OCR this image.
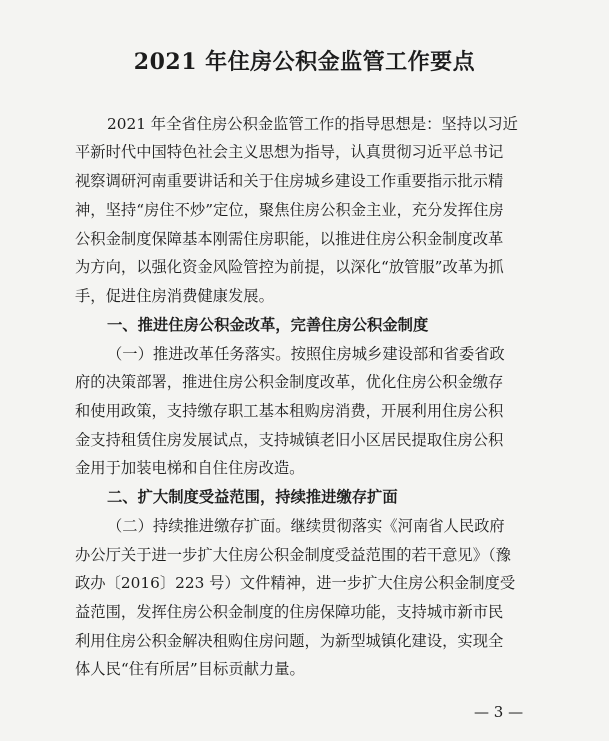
2021 年住房公积金监管工作要点
2021 年全省住房公积金监管工作的指导思想是：坚持以习近
平新时代中国特色社会主义思想为指导，认真贯彻习近平总书记
视察调研河南重要讲话和关于住房城乡建设工作重要指示批示精
神，坚持“房住不炒”定位，聚焦住房公积金主业，充分发挥住房
公积金制度保障基本刚需住房职能，以推进住房公积金制度改革
为方向，以强化资金风险管控为前提，以深化“放管服”改革为抓
手，促进住房消费健康发展。
一、推进住房公积金改革，完善住房公积金制度
（一）推进改革任务落实。按照住房城乡建设部和省委省政
府的决策部署，推进住房公积金制度改革，优化住房公积金缴存
和使用政策，支持缴存职工基本租购房消费，开展利用住房公积
金支持租赁住房发展试点，支持城镇老旧小区居民提取住房公积
金用于加装电梯和自住住房改造。
二、扩大制度受益范围，持续推进缴存扩面
（二）持续推进缴存扩面。继续贯彻落实《河南省人民政府
办公厅关于进一步扩大住房公积金制度受益范围的若干意见》（豫
政办〔2016〕223 号）文件精神，进一步扩大住房公积金制度受
益范围，发挥住房公积金制度的住房保障功能，支持城市新市民
利用住房公积金解决租购住房问题，为新型城镇化建设，实现全
体人民“住有所居”目标贡献力量。
— 3 —
